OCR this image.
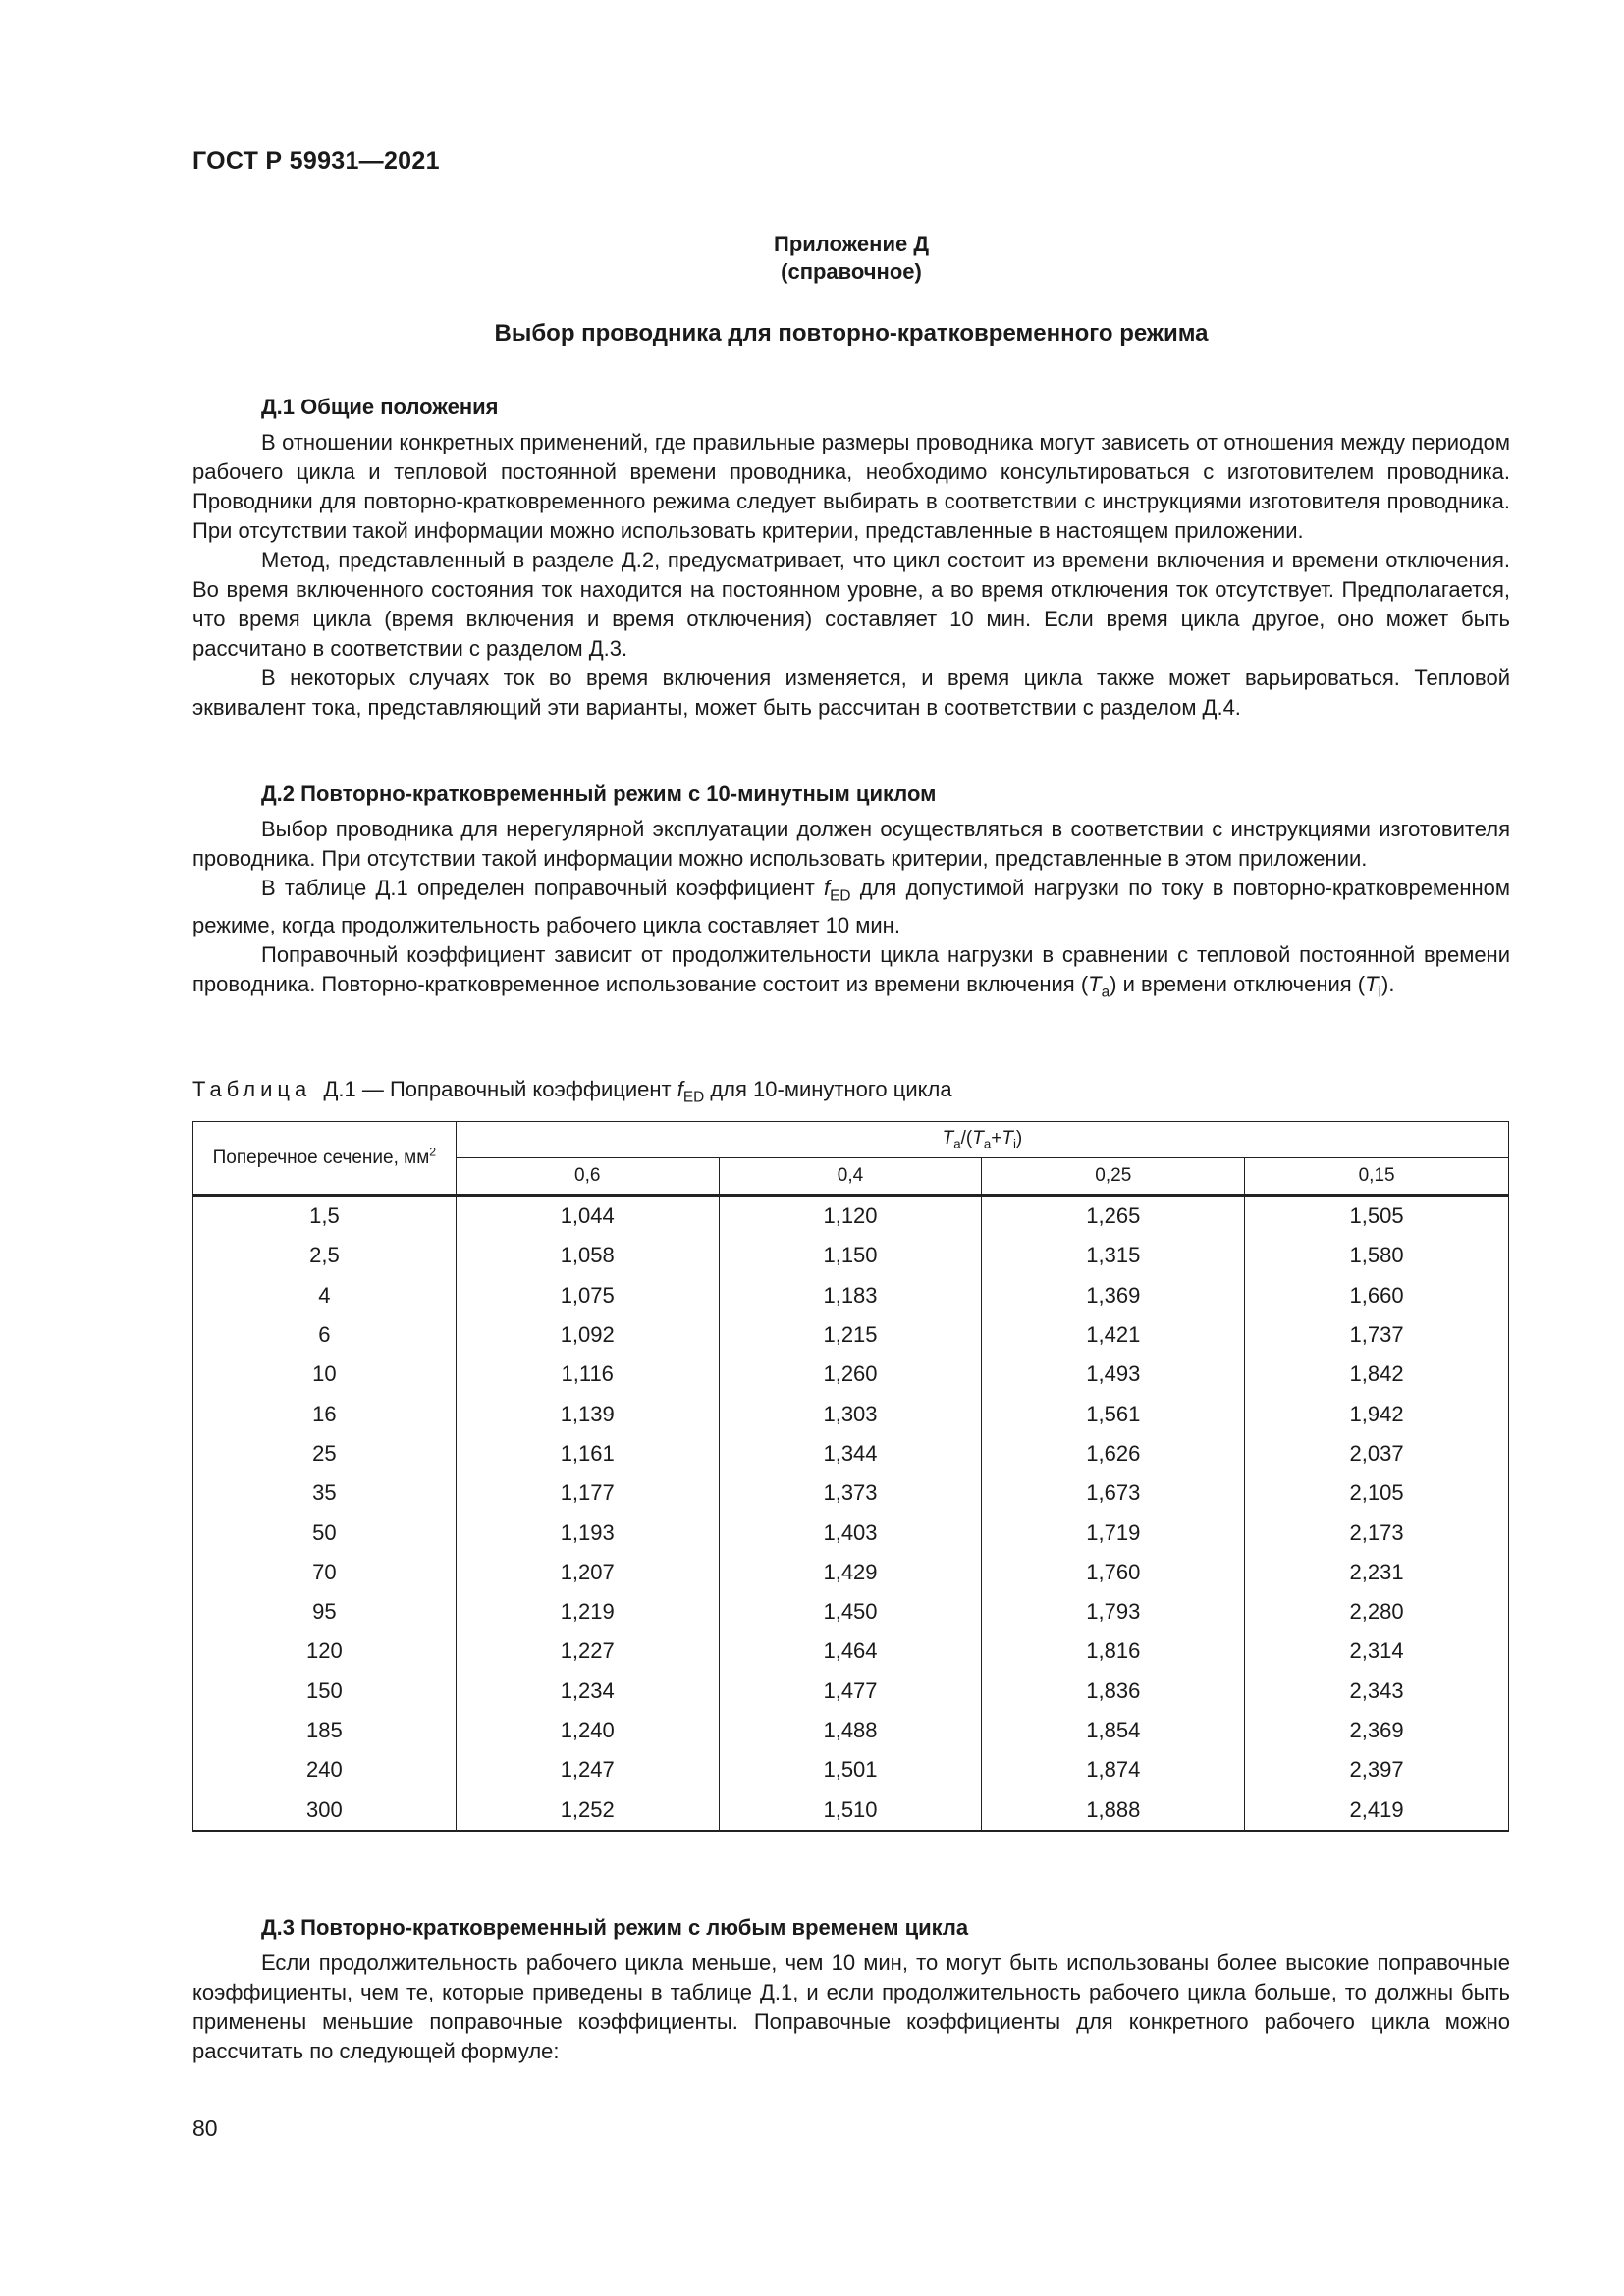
ГОСТ Р 59931—2021
Приложение Д
(справочное)
Выбор проводника для повторно-кратковременного режима
Д.1 Общие положения

В отношении конкретных применений, где правильные размеры проводника могут зависеть от отношения между периодом рабочего цикла и тепловой постоянной времени проводника, необходимо консультироваться с изготовителем проводника. Проводники для повторно-кратковременного режима следует выбирать в соответствии с инструкциями изготовителя проводника. При отсутствии такой информации можно использовать критерии, представленные в настоящем приложении.

Метод, представленный в разделе Д.2, предусматривает, что цикл состоит из времени включения и времени отключения. Во время включенного состояния ток находится на постоянном уровне, а во время отключения ток отсутствует. Предполагается, что время цикла (время включения и время отключения) составляет 10 мин. Если время цикла другое, оно может быть рассчитано в соответствии с разделом Д.3.

В некоторых случаях ток во время включения изменяется, и время цикла также может варьироваться. Тепловой эквивалент тока, представляющий эти варианты, может быть рассчитан в соответствии с разделом Д.4.

Д.2 Повторно-кратковременный режим с 10-минутным циклом

Выбор проводника для нерегулярной эксплуатации должен осуществляться в соответствии с инструкциями изготовителя проводника. При отсутствии такой информации можно использовать критерии, представленные в этом приложении.

В таблице Д.1 определен поправочный коэффициент $f_{ED}$ для допустимой нагрузки по току в повторно-кратковременном режиме, когда продолжительность рабочего цикла составляет 10 мин.

Поправочный коэффициент зависит от продолжительности цикла нагрузки в сравнении с тепловой постоянной времени проводника. Повторно-кратковременное использование состоит из времени включения $(T_a)$ и времени отключения $(T_i)$.

Таблица Д.1 — Поправочный коэффициент $f_{ED}$ для 10-минутного цикла
Поперечное сечение, $мм^2$	$T_a/(T_a+T_i)$			
	0,6	0,4	0,25	0,15
1,5	1,044	1,120	1,265	1,505
2,5	1,058	1,150	1,315	1,580
4	1,075	1,183	1,369	1,660
6	1,092	1,215	1,421	1,737
10	1,116	1,260	1,493	1,842
16	1,139	1,303	1,561	1,942
25	1,161	1,344	1,626	2,037
35	1,177	1,373	1,673	2,105
50	1,193	1,403	1,719	2,173
70	1,207	1,429	1,760	2,231
95	1,219	1,450	1,793	2,280
120	1,227	1,464	1,816	2,314
150	1,234	1,477	1,836	2,343
185	1,240	1,488	1,854	2,369
240	1,247	1,501	1,874	2,397
300	1,252	1,510	1,888	2,419
Д.3 Повторно-кратковременный режим с любым временем цикла

Если продолжительность рабочего цикла меньше, чем 10 мин, то могут быть использованы более высокие поправочные коэффициенты, чем те, которые приведены в таблице Д.1, и если продолжительность рабочего цикла больше, то должны быть применены меньшие поправочные коэффициенты. Поправочные коэффициенты для конкретного рабочего цикла можно рассчитать по следующей формуле:

80
